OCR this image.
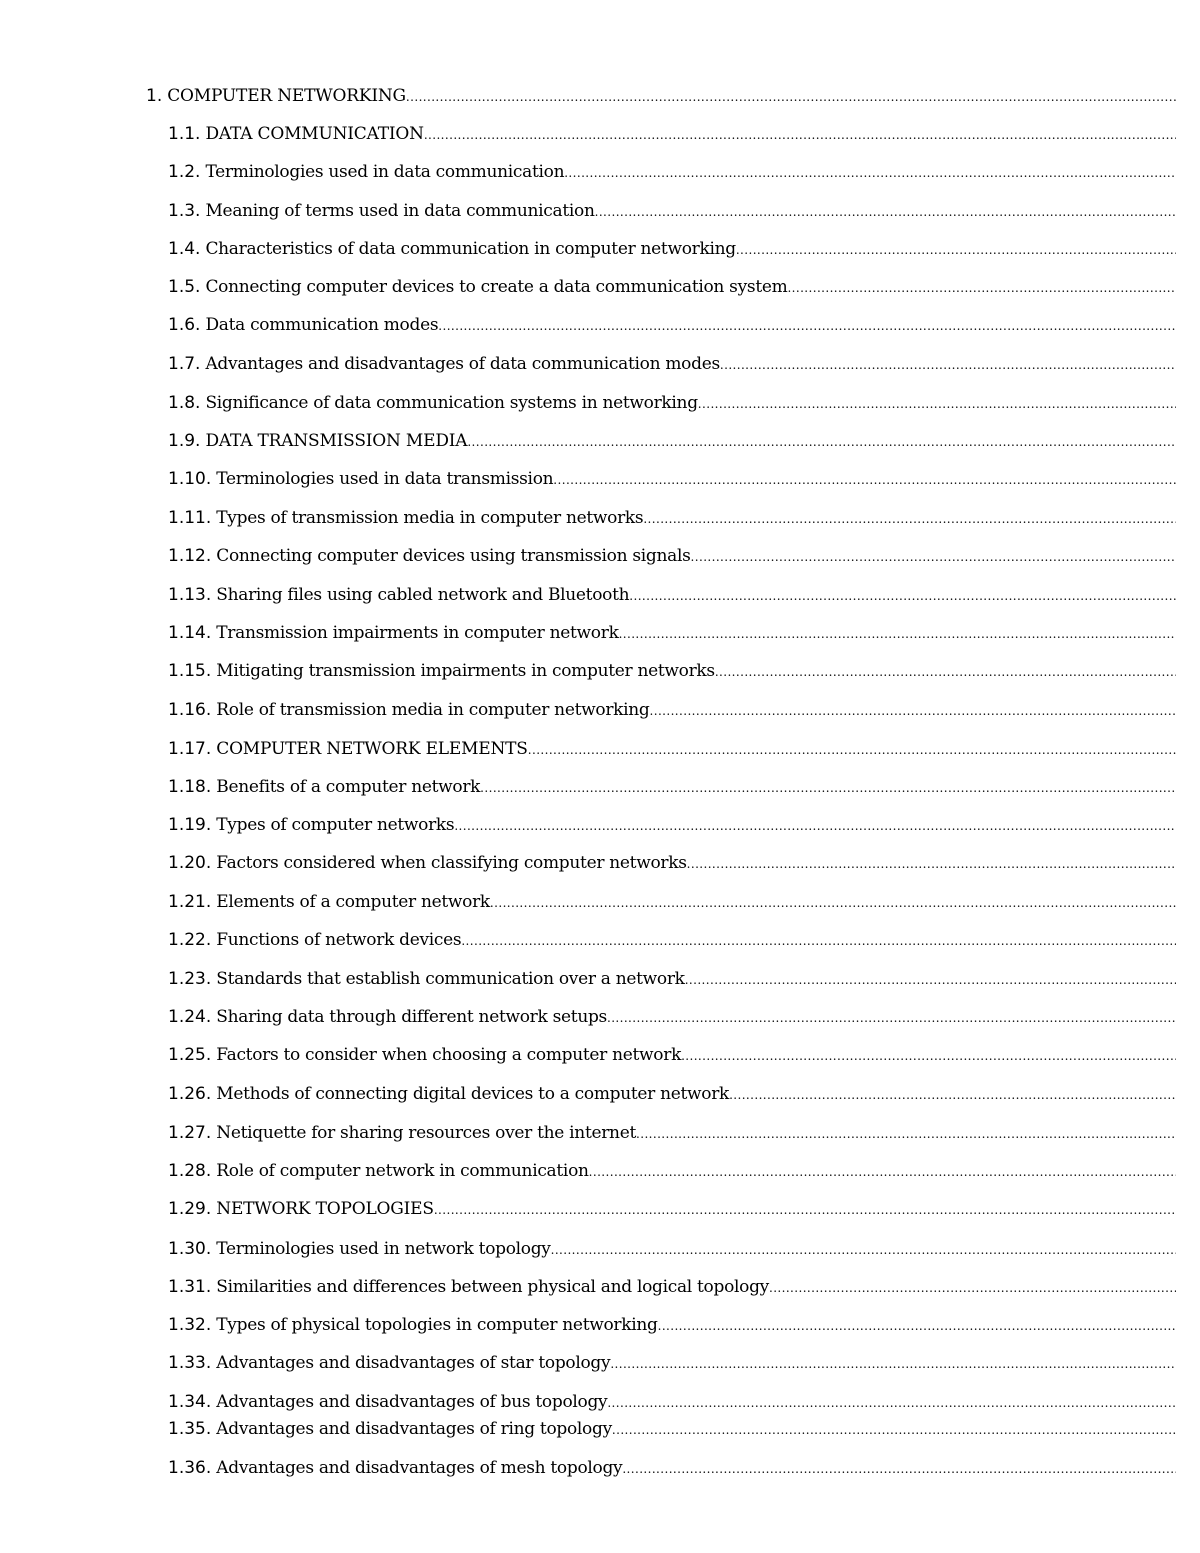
1. COMPUTER NETWORKING
.....
1.1. DATA COMMUNICATION
.....
1.2. Terminologies used in data communication
.....
1.3. Meaning of terms used in data communication
.....
1.4. Characteristics of data communication in computer networking
.....
1.5. Connecting computer devices to create a data communication system
.....
1.6. Data communication modes
.....
1.7. Advantages and disadvantages of data communication modes
.....
1.8. Significance of data communication systems in networking
.....
1.9. DATA TRANSMISSION MEDIA
.....
1.10. Terminologies used in data transmission
.....
1.11. Types of transmission media in computer networks
.....
1.12. Connecting computer devices using transmission signals
.....
1.13. Sharing files using cabled network and Bluetooth
.....
1.14. Transmission impairments in computer network
.....
1.15. Mitigating transmission impairments in computer networks
.....
1.16. Role of transmission media in computer networking
.....
1.17. COMPUTER NETWORK ELEMENTS
.....
1.18. Benefits of a computer network
.....
1.19. Types of computer networks
.....
1.20. Factors considered when classifying computer networks
.....
1.21. Elements of a computer network
.....
1.22. Functions of network devices
.....
1.23. Standards that establish communication over a network
.....
1.24. Sharing data through different network setups
.....
1.25. Factors to consider when choosing a computer network
.....
1.26. Methods of connecting digital devices to a computer network
.....
1.27. Netiquette for sharing resources over the internet
.....
1.28. Role of computer network in communication
.....
1.29. NETWORK TOPOLOGIES
.....
1.30. Terminologies used in network topology
.....
1.31. Similarities and differences between physical and logical topology
.....
1.32. Types of physical topologies in computer networking
.....
1.33. Advantages and disadvantages of star topology
.....
1.34. Advantages and disadvantages of bus topology
.....
1.35. Advantages and disadvantages of ring topology
.....
1.36. Advantages and disadvantages of mesh topology
.....
